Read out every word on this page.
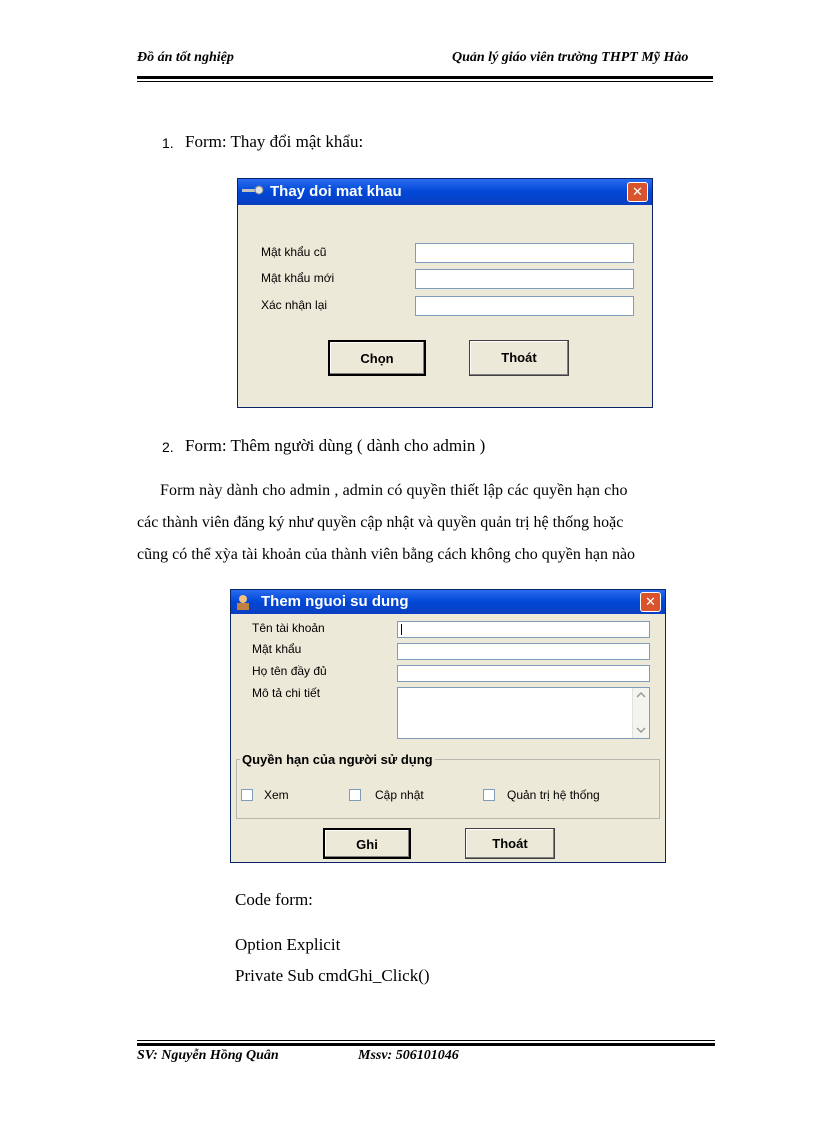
Đồ án tốt nghiệp	Quản lý giáo viên trường THPT Mỹ Hào
1. Form: Thay đổi mật khẩu:
Thay doi mat khau	✕
Mật khẩu cũ
Mật khẩu mới
Xác nhận lại
Chọn	Thoát
2. Form: Thêm người dùng ( dành cho admin )
Form này dành cho admin , admin có quyền thiết lập các quyền hạn cho
các thành viên đăng ký như quyền cập nhật và quyền quản trị hệ thống hoặc
cũng có thể xỳa tài khoản của thành viên bằng cách không cho quyền hạn nào
Them nguoi su dung	✕
Tên tài khoản
Mật khẩu
Họ tên đầy đủ
Mô tả chi tiết
Quyền hạn của người sử dụng
Xem	Cập nhật	Quản trị hệ thống
Ghi	Thoát
Code form:
Option Explicit
Private Sub cmdGhi_Click()
SV: Nguyễn Hồng Quân	Mssv: 506101046
